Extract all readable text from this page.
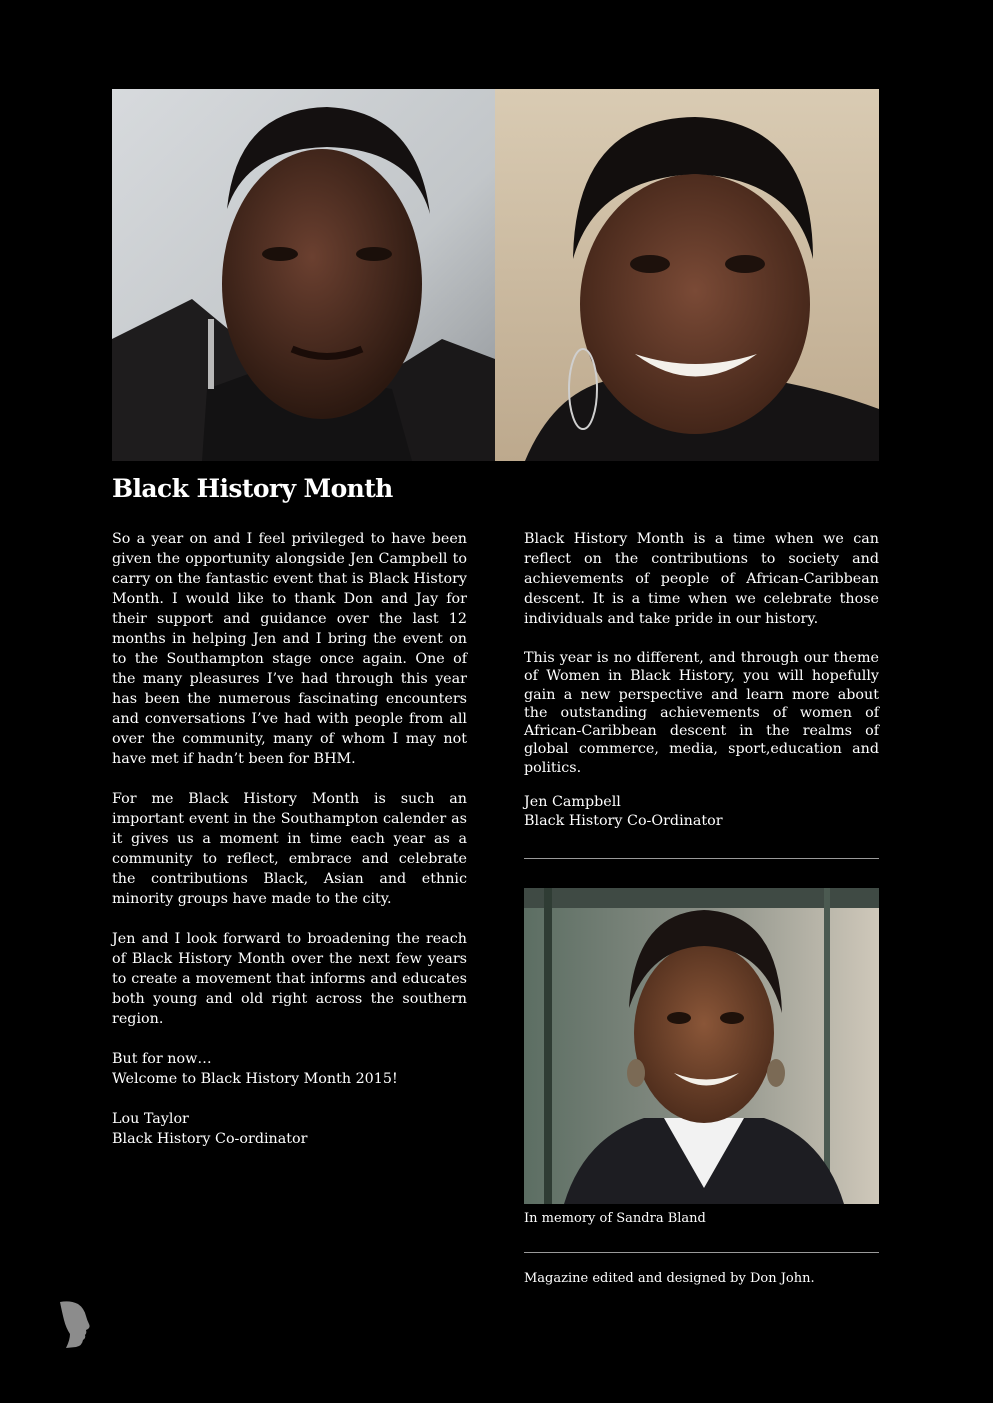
Black History Month

So a year on and I feel privileged to have been given the opportunity alongside Jen Campbell to carry on the fantastic event that is Black History Month. I would like to thank Don and Jay for their support and guidance over the last 12 months in helping Jen and I bring the event on to the Southampton stage once again. One of the many pleasures I’ve had through this year has been the numerous fascinating encounters and conversations I’ve had with people from all over the community, many of whom I may not have met if hadn’t been for BHM.

For me Black History Month is such an important event in the Southampton calender as it gives us a moment in time each year as a community to reflect, embrace and celebrate the contributions Black, Asian and ethnic minority groups have made to the city.

Jen and I look forward to broadening the reach of Black History Month over the next few years to create a movement that informs and educates both young and old right across the southern region.

But for now…
Welcome to Black History Month 2015!

Lou Taylor
Black History Co-ordinator

Black History Month is a time when we can reflect on the contributions to society and achievements of people of African-Caribbean descent. It is a time when we celebrate those individuals and take pride in our history.

This year is no different, and through our theme of Women in Black History, you will hopefully gain a new perspective and learn more about the outstanding achievements of women of African-Caribbean descent in the realms of global commerce, media, sport,education and politics.

Jen Campbell
Black History Co-Ordinator

In memory of Sandra Bland
Magazine edited and designed by Don John.
